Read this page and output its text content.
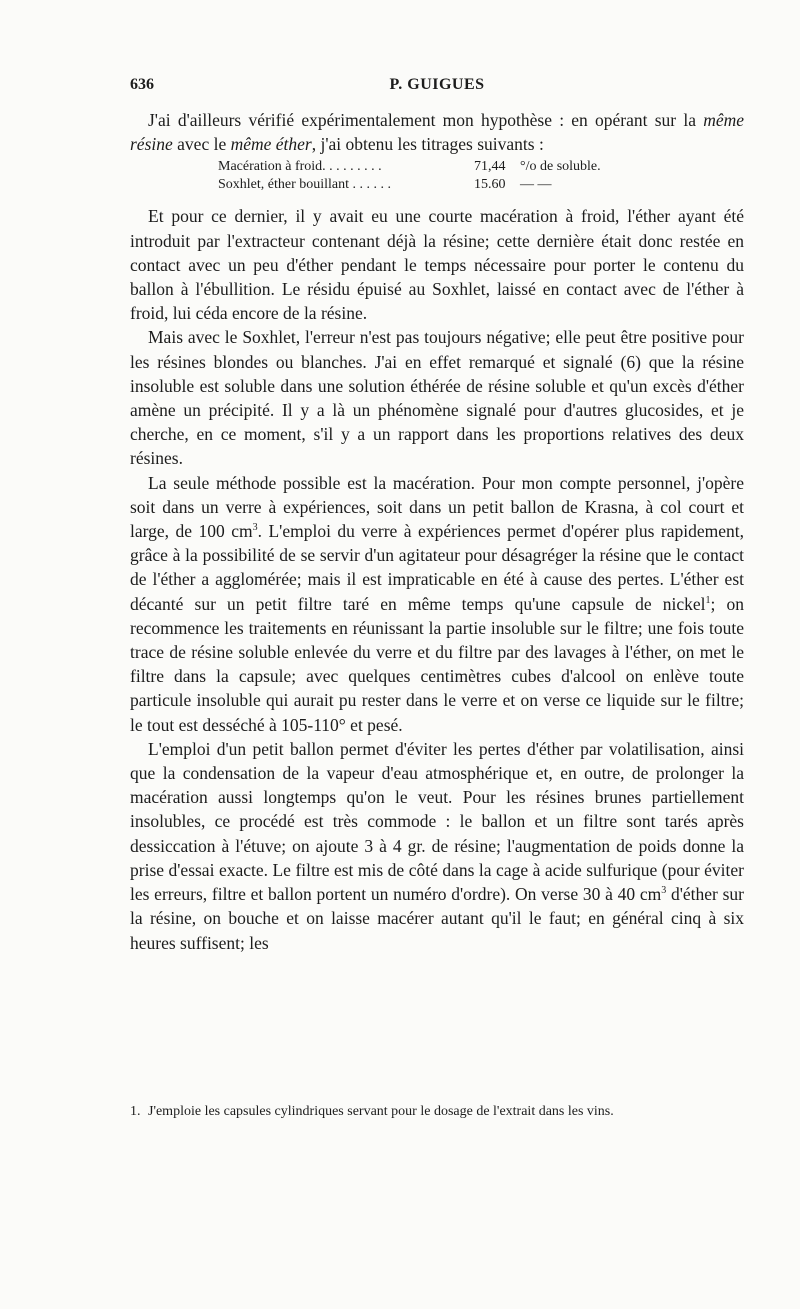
636	P. GUIGUES

J'ai d'ailleurs vérifié expérimentalement mon hypothèse : en opérant sur la même résine avec le même éther, j'ai obtenu les titrages suivants :

Macération à froid. . . . . . . . .	71,44	°/o de soluble.
Soxhlet, éther bouillant . . . . . .	15.60	— —

Et pour ce dernier, il y avait eu une courte macération à froid, l'éther ayant été introduit par l'extracteur contenant déjà la résine; cette dernière était donc restée en contact avec un peu d'éther pendant le temps nécessaire pour porter le contenu du ballon à l'ébullition. Le résidu épuisé au Soxhlet, laissé en contact avec de l'éther à froid, lui céda encore de la résine.

Mais avec le Soxhlet, l'erreur n'est pas toujours négative; elle peut être positive pour les résines blondes ou blanches. J'ai en effet remarqué et signalé (6) que la résine insoluble est soluble dans une solution éthérée de résine soluble et qu'un excès d'éther amène un précipité. Il y a là un phénomène signalé pour d'autres glucosides, et je cherche, en ce moment, s'il y a un rapport dans les proportions relatives des deux résines.

La seule méthode possible est la macération. Pour mon compte personnel, j'opère soit dans un verre à expériences, soit dans un petit ballon de Krasna, à col court et large, de 100 $cm^3$. L'emploi du verre à expériences permet d'opérer plus rapidement, grâce à la possibilité de se servir d'un agitateur pour désagréger la résine que le contact de l'éther a agglomérée; mais il est impraticable en été à cause des pertes. L'éther est décanté sur un petit filtre taré en même temps qu'une capsule de nickel$^1$; on recommence les traitements en réunissant la partie insoluble sur le filtre; une fois toute trace de résine soluble enlevée du verre et du filtre par des lavages à l'éther, on met le filtre dans la capsule; avec quelques centimètres cubes d'alcool on enlève toute particule insoluble qui aurait pu rester dans le verre et on verse ce liquide sur le filtre; le tout est desséché à 105-110° et pesé.

L'emploi d'un petit ballon permet d'éviter les pertes d'éther par volatilisation, ainsi que la condensation de la vapeur d'eau atmosphérique et, en outre, de prolonger la macération aussi longtemps qu'on le veut. Pour les résines brunes partiellement insolubles, ce procédé est très commode : le ballon et un filtre sont tarés après dessiccation à l'étuve; on ajoute 3 à 4 gr. de résine; l'augmentation de poids donne la prise d'essai exacte. Le filtre est mis de côté dans la cage à acide sulfurique (pour éviter les erreurs, filtre et ballon portent un numéro d'ordre). On verse 30 à 40 $cm^3$ d'éther sur la résine, on bouche et on laisse macérer autant qu'il le faut; en général cinq à six heures suffisent; les

1. J'emploie les capsules cylindriques servant pour le dosage de l'extrait dans les vins.
